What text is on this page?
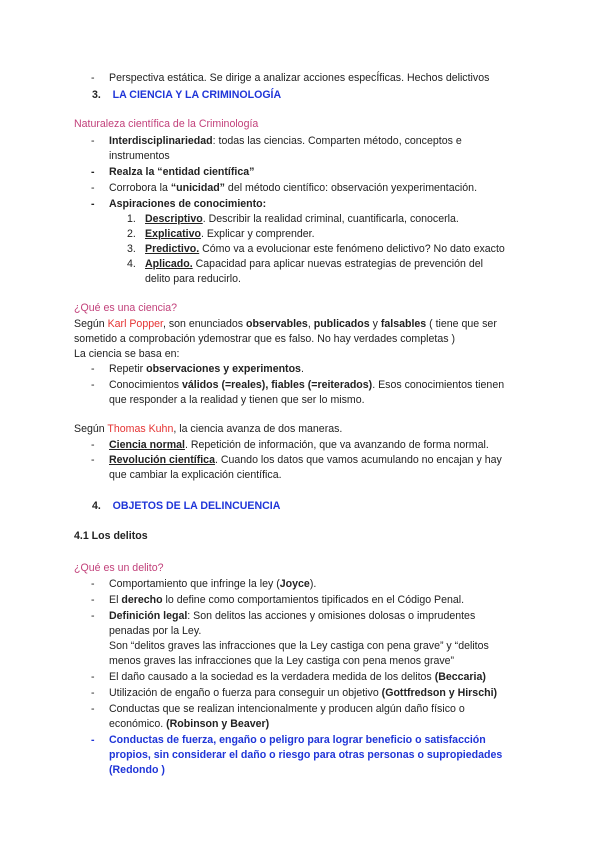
- Perspectiva estática. Se dirige a analizar acciones especÍficas. Hechos delictivos
3. LA CIENCIA Y LA CRIMINOLOGÍA
Naturaleza científica de la Criminología
- Interdisciplinariedad: todas las ciencias. Comparten método, conceptos e
instrumentos
- Realza la “entidad científica”
- Corrobora la “unicidad” del método científico: observación yexperimentación.
- Aspiraciones de conocimiento:
1. Descriptivo. Describir la realidad criminal, cuantificarla, conocerla.
2. Explicativo. Explicar y comprender.
3. Predictivo. Cómo va a evolucionar este fenómeno delictivo? No dato exacto
4. Aplicado. Capacidad para aplicar nuevas estrategias de prevención del
delito para reducirlo.
¿Qué es una ciencia?
Según Karl Popper, son enunciados observables, publicados y falsables ( tiene que ser
sometido a comprobación ydemostrar que es falso. No hay verdades completas )
La ciencia se basa en:
- Repetir observaciones y experimentos.
- Conocimientos válidos (=reales), fiables (=reiterados). Esos conocimientos tienen
que responder a la realidad y tienen que ser lo mismo.
Según Thomas Kuhn, la ciencia avanza de dos maneras.
- Ciencia normal. Repetición de información, que va avanzando de forma normal.
- Revolución científica. Cuando los datos que vamos acumulando no encajan y hay
que cambiar la explicación científica.
4. OBJETOS DE LA DELINCUENCIA
4.1 Los delitos
¿Qué es un delito?
- Comportamiento que infringe la ley (Joyce).
- El derecho lo define como comportamientos tipificados en el Código Penal.
- Definición legal: Son delitos las acciones y omisiones dolosas o imprudentes
penadas por la Ley.
Son “delitos graves las infracciones que la Ley castiga con pena grave” y “delitos
menos graves las infracciones que la Ley castiga con pena menos grave”
- El daño causado a la sociedad es la verdadera medida de los delitos (Beccaria)
- Utilización de engaño o fuerza para conseguir un objetivo (Gottfredson y Hirschi)
- Conductas que se realizan intencionalmente y producen algún daño físico o
económico. (Robinson y Beaver)
- Conductas de fuerza, engaño o peligro para lograr beneficio o satisfacción
propios, sin considerar el daño o riesgo para otras personas o supropiedades
(Redondo )
